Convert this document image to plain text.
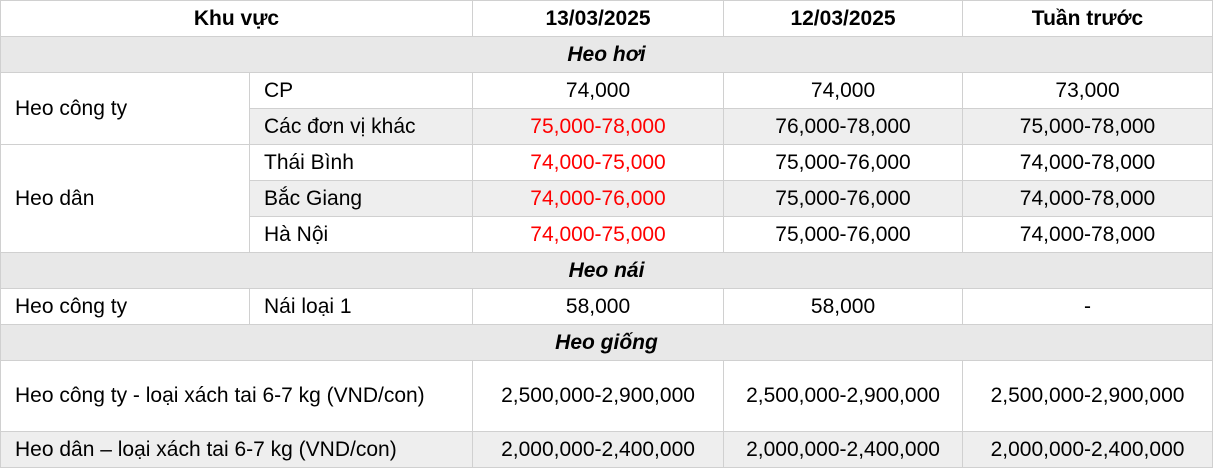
Khu vực		13/03/2025	12/03/2025	Tuần trước
Heo hơi				
Heo công ty	CP	74,000	74,000	73,000
	Các đơn vị khác	75,000-78,000	76,000-78,000	75,000-78,000
Heo dân	Thái Bình	74,000-75,000	75,000-76,000	74,000-78,000
	Bắc Giang	74,000-76,000	75,000-76,000	74,000-78,000
	Hà Nội	74,000-75,000	75,000-76,000	74,000-78,000
Heo nái				
Heo công ty	Nái loại 1	58,000	58,000	-
Heo giống				
Heo công ty - loại xách tai 6-7 kg (VND/con)		2,500,000-2,900,000	2,500,000-2,900,000	2,500,000-2,900,000
Heo dân – loại xách tai 6-7 kg (VND/con)		2,000,000-2,400,000	2,000,000-2,400,000	2,000,000-2,400,000
